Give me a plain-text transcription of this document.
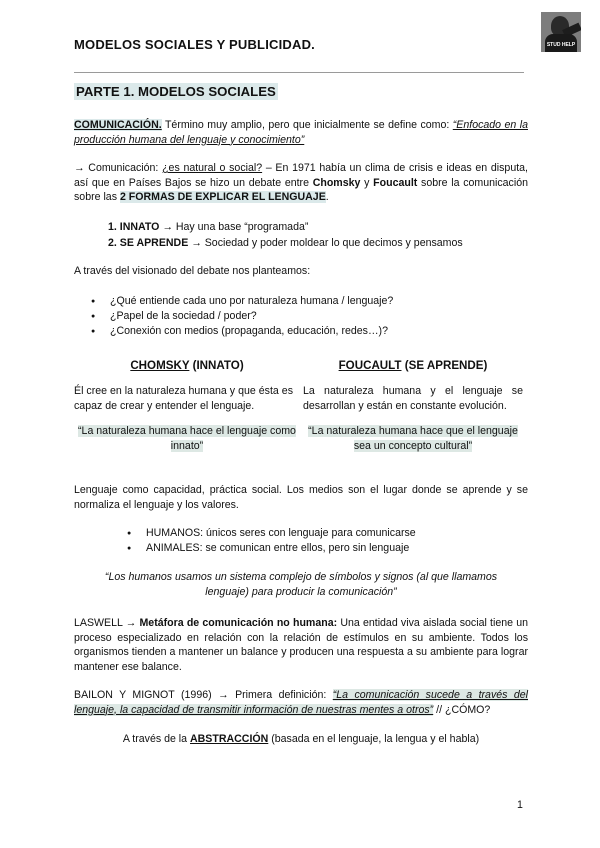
MODELOS SOCIALES Y PUBLICIDAD.	STUD HELP
PARTE 1. MODELOS SOCIALES
COMUNICACIÓN. Término muy amplio, pero que inicialmente se define como: “Enfocado en la producción humana del lenguaje y conocimiento”
→ Comunicación: ¿es natural o social? – En 1971 había un clima de crisis e ideas en disputa, así que en Países Bajos se hizo un debate entre Chomsky y Foucault sobre la comunicación sobre las 2 FORMAS DE EXPLICAR EL LENGUAJE.
1. INNATO → Hay una base “programada”
2. SE APRENDE → Sociedad y poder moldear lo que decimos y pensamos
A través del visionado del debate nos planteamos:
● ¿Qué entiende cada uno por naturaleza humana / lenguaje?
● ¿Papel de la sociedad / poder?
● ¿Conexión con medios (propaganda, educación, redes…)?
CHOMSKY (INNATO)	FOUCAULT (SE APRENDE)
Él cree en la naturaleza humana y que ésta es capaz de crear y entender el lenguaje.
La naturaleza humana y el lenguaje se desarrollan y están en constante evolución.
“La naturaleza humana hace el lenguaje como innato”
“La naturaleza humana hace que el lenguaje sea un concepto cultural”
Lenguaje como capacidad, práctica social. Los medios son el lugar donde se aprende y se normaliza el lenguaje y los valores.
● HUMANOS: únicos seres con lenguaje para comunicarse
● ANIMALES: se comunican entre ellos, pero sin lenguaje
“Los humanos usamos un sistema complejo de símbolos y signos (al que llamamos lenguaje) para producir la comunicación”
LASWELL → Metáfora de comunicación no humana: Una entidad viva aislada social tiene un proceso especializado en relación con la relación de estímulos en su ambiente. Todos los organismos tienden a mantener un balance y producen una respuesta a su ambiente para lograr mantener ese balance.
BAILON Y MIGNOT (1996) → Primera definición: “La comunicación sucede a través del lenguaje, la capacidad de transmitir información de nuestras mentes a otros” // ¿CÓMO?
A través de la ABSTRACCIÓN (basada en el lenguaje, la lengua y el habla)
1
